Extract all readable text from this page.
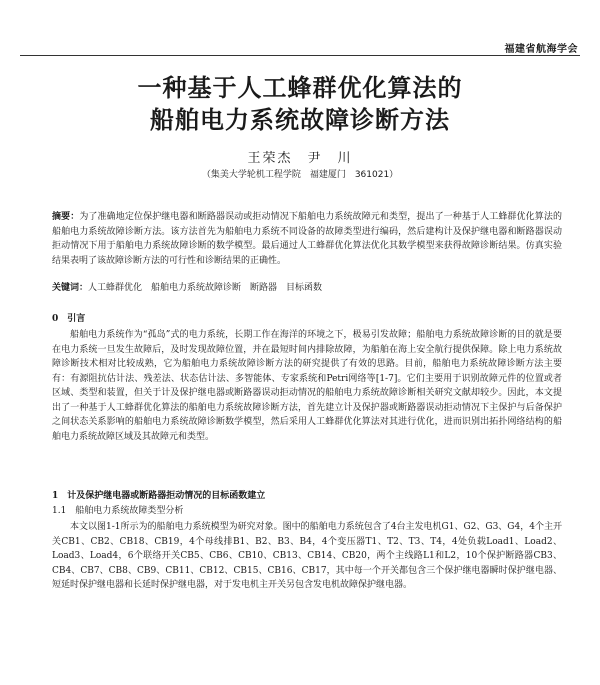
福建省航海学会
一种基于人工蜂群优化算法的
船舶电力系统故障诊断方法
王荣杰　尹　川
（集美大学轮机工程学院　福建厦门　361021）

摘要：为了准确地定位保护继电器和断路器误动或拒动情况下船舶电力系统故障元和类型，提出了一种基于人工蜂群优化算法的船舶电力系统故障诊断方法。该方法首先为船舶电力系统不同设备的故障类型进行编码，然后建构计及保护继电器和断路器误动拒动情况下用于船舶电力系统故障诊断的数学模型。最后通过人工蜂群优化算法优化其数学模型来获得故障诊断结果。仿真实验结果表明了该故障诊断方法的可行性和诊断结果的正确性。

关键词：人工蜂群优化　船舶电力系统故障诊断　断路器　目标函数

0　引言

船舶电力系统作为“孤岛”式的电力系统，长期工作在海洋的环境之下，极易引发故障；船舶电力系统故障诊断的目的就是要在电力系统一旦发生故障后，及时发现故障位置，并在最短时间内排除故障，为船舶在海上安全航行提供保障。除上电力系统故障诊断技术相对比较成熟，它为船舶电力系统故障诊断方法的研究提供了有效的思路。目前，船舶电力系统故障诊断方法主要有：有源阻抗估计法、残差法、状态估计法、多智能体、专家系统和Petri网络等[1-7]。它们主要用于识别故障元件的位置或者区域、类型和装置，但关于计及保护继电器或断路器误动拒动情况的船舶电力系统故障诊断相关研究文献却较少。因此，本文提出了一种基于人工蜂群优化算法的船舶电力系统故障诊断方法，首先建立计及保护器或断路器误动拒动情况下主保护与后备保护之间状态关系影响的船舶电力系统故障诊断数学模型，然后采用人工蜂群优化算法对其进行优化，进而识别出拓扑网络结构的船舶电力系统故障区域及其故障元和类型。

1　计及保护继电器或断路器拒动情况的目标函数建立
1.1　船舶电力系统故障类型分析

本文以图1-1所示为的船舶电力系统模型为研究对象。图中的船舶电力系统包含了4台主发电机G1、G2、G3、G4，4个主开关CB1、CB2、CB18、CB19，4个母线排B1、B2、B3、B4，4个变压器T1、T2、T3、T4，4处负载Load1、Load2、Load3、Load4，6个联络开关CB5、CB6、CB10、CB13、CB14、CB20，两个主线路L1和L2，10个保护断路器CB3、CB4、CB7、CB8、CB9、CB11、CB12、CB15、CB16、CB17，其中每一个开关都包含三个保护继电器瞬时保护继电器、短延时保护继电器和长延时保护继电器，对于发电机主开关另包含发电机故障保护继电器。
